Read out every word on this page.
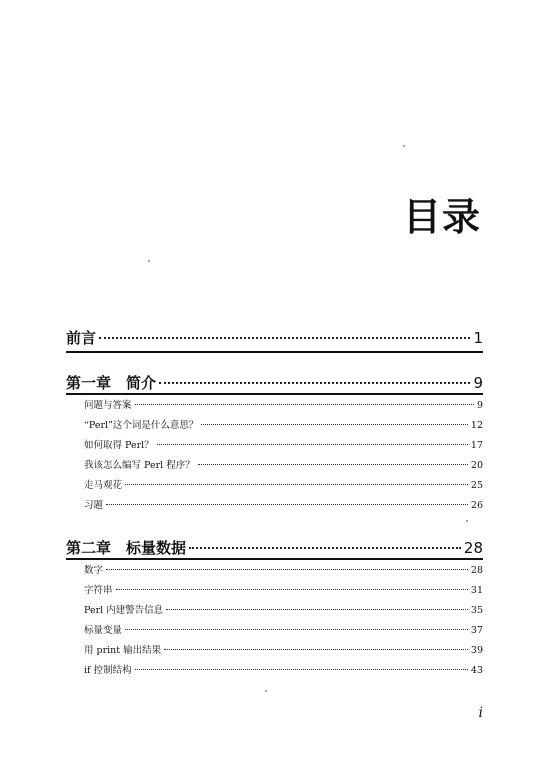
目录
前言	1
第一章　简介	9
问题与答案	9
“Perl”这个词是什么意思？	12
如何取得 Perl？	17
我该怎么编写 Perl 程序？	20
走马观花	25
习题	26
第二章　标量数据	28
数字	28
字符串	31
Perl 内建警告信息	35
标量变量	37
用 print 输出结果	39
if 控制结构	43
i
